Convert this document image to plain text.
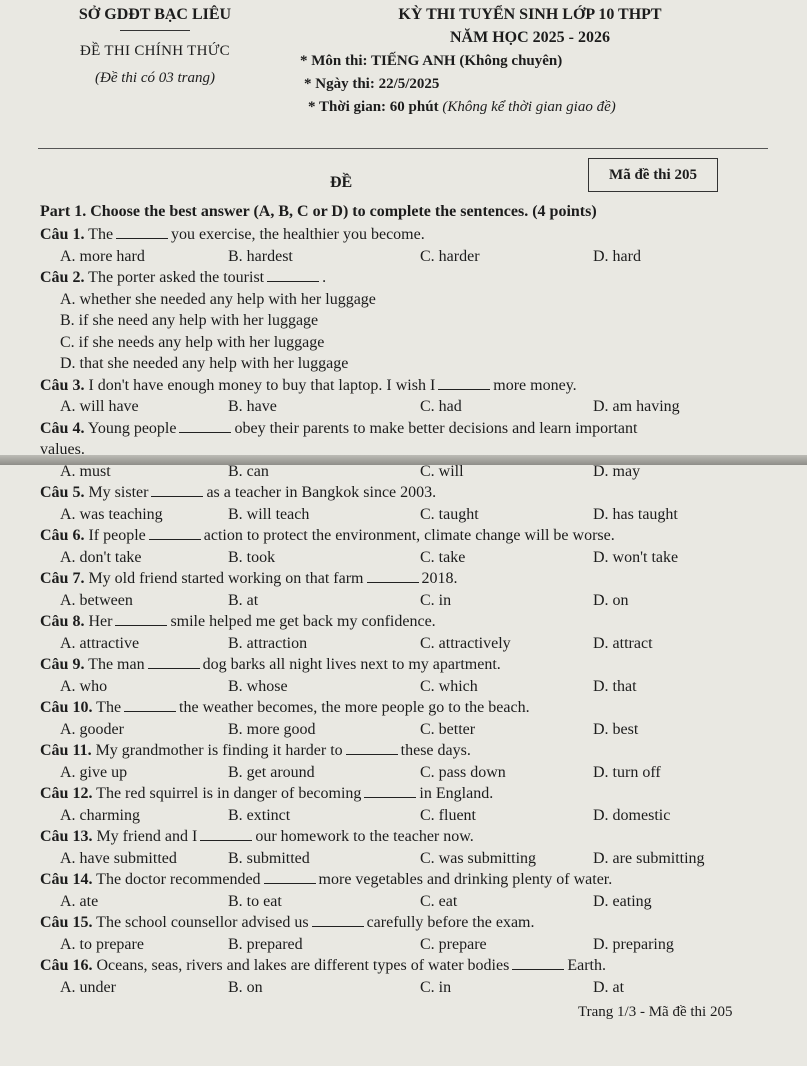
SỞ GDĐT BẠC LIÊU
ĐỀ THI CHÍNH THỨC
(Đề thi có 03 trang)
KỲ THI TUYỂN SINH LỚP 10 THPT
NĂM HỌC 2025 - 2026
* Môn thi: TIẾNG ANH (Không chuyên)
* Ngày thi: 22/5/2025
* Thời gian: 60 phút (Không kể thời gian giao đề)
ĐỀ	Mã đề thi 205
Part 1. Choose the best answer (A, B, C or D) to complete the sentences. (4 points)
Câu 1. The	you exercise, the healthier you become.
A. more hard	B. hardest	C. harder	D. hard
Câu 2. The porter asked the tourist	.
A. whether she needed any help with her luggage
B. if she need any help with her luggage
C. if she needs any help with her luggage
D. that she needed any help with her luggage
Câu 3. I don't have enough money to buy that laptop. I wish I	more money.
A. will have	B. have	C. had	D. am having
Câu 4. Young people	obey their parents to make better decisions and learn important
values.
A. must	B. can	C. will	D. may
Câu 5. My sister	as a teacher in Bangkok since 2003.
A. was teaching	B. will teach	C. taught	D. has taught
Câu 6. If people	action to protect the environment, climate change will be worse.
A. don't take	B. took	C. take	D. won't take
Câu 7. My old friend started working on that farm	2018.
A. between	B. at	C. in	D. on
Câu 8. Her	smile helped me get back my confidence.
A. attractive	B. attraction	C. attractively	D. attract
Câu 9. The man	dog barks all night lives next to my apartment.
A. who	B. whose	C. which	D. that
Câu 10. The	the weather becomes, the more people go to the beach.
A. gooder	B. more good	C. better	D. best
Câu 11. My grandmother is finding it harder to	these days.
A. give up	B. get around	C. pass down	D. turn off
Câu 12. The red squirrel is in danger of becoming	in England.
A. charming	B. extinct	C. fluent	D. domestic
Câu 13. My friend and I	our homework to the teacher now.
A. have submitted	B. submitted	C. was submitting	D. are submitting
Câu 14. The doctor recommended	more vegetables and drinking plenty of water.
A. ate	B. to eat	C. eat	D. eating
Câu 15. The school counsellor advised us	carefully before the exam.
A. to prepare	B. prepared	C. prepare	D. preparing
Câu 16. Oceans, seas, rivers and lakes are different types of water bodies	Earth.
A. under	B. on	C. in	D. at
Trang 1/3 - Mã đề thi 205
